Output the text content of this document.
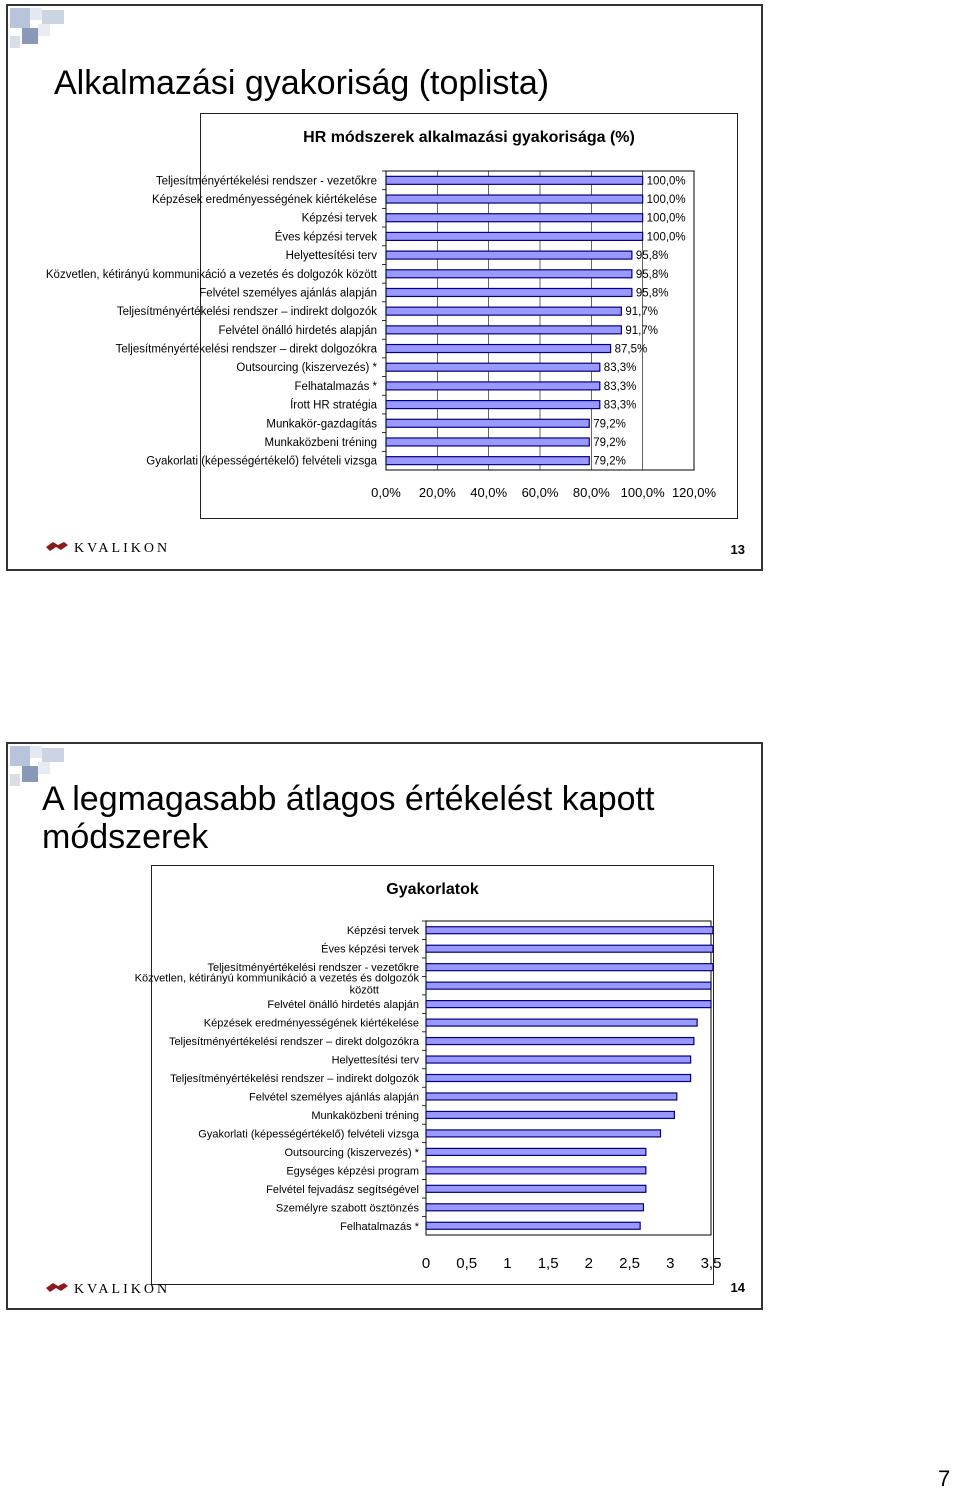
Alkalmazási gyakoriság (toplista)
HR módszerek alkalmazási gyakorisága (%)
0,0% 20,0% 40,0% 60,0% 80,0% 100,0% 120,0%
Teljesítményértékelési rendszer - vezetőkre	100,0%
Képzések eredményességének kiértékelése	100,0%
Képzési tervek	100,0%
Éves képzési tervek	100,0%
Helyettesítési terv	95,8%
Közvetlen, kétirányú kommunikáció a vezetés és dolgozók között	95,8%
Felvétel személyes ajánlás alapján	95,8%
Teljesítményértékelési rendszer – indirekt dolgozók	91,7%
Felvétel önálló hirdetés alapján	91,7%
Teljesítményértékelési rendszer – direkt dolgozókra	87,5%
Outsourcing (kiszervezés) *	83,3%
Felhatalmazás *	83,3%
Írott HR stratégia	83,3%
Munkakör-gazdagítás	79,2%
Munkaközbeni tréning	79,2%
Gyakorlati (képességértékelő) felvételi vizsga	79,2%
KVALIKON	13
A legmagasabb átlagos értékelést kapott módszerek
Gyakorlatok
0 0,5 1 1,5 2 2,5 3 3,5
Képzési tervek
Éves képzési tervek
Teljesítményértékelési rendszer - vezetőkre
Közvetlen, kétirányú kommunikáció a vezetés és dolgozók
között
Felvétel önálló hirdetés alapján
Képzések eredményességének kiértékelése
Teljesítményértékelési rendszer – direkt dolgozókra
Helyettesítési terv
Teljesítményértékelési rendszer – indirekt dolgozók
Felvétel személyes ajánlás alapján
Munkaközbeni tréning
Gyakorlati (képességértékelő) felvételi vizsga
Outsourcing (kiszervezés) *
Egységes képzési program
Felvétel fejvadász segítségével
Személyre szabott ösztönzés
Felhatalmazás *
KVALIKON	14
7
